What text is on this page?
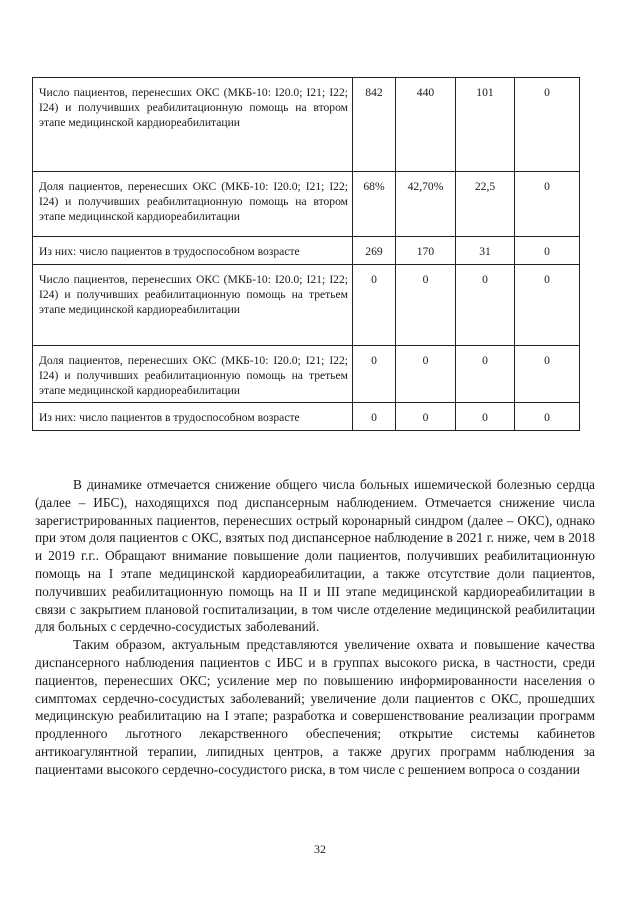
Число пациентов, перенесших ОКС (МКБ-10: I20.0; I21; I22; I24) и получивших реабилитационную помощь на втором этапе медицинской кардиореабилитации	842	440	101	0
Доля пациентов, перенесших ОКС (МКБ-10: I20.0; I21; I22; I24) и получивших реабилитационную помощь на втором этапе медицинской кардиореабилитации	68%	42,70%	22,5	0
Из них: число пациентов в трудоспособном возрасте	269	170	31	0
Число пациентов, перенесших ОКС (МКБ-10: I20.0; I21; I22; I24) и получивших реабилитационную помощь на третьем этапе медицинской кардиореабилитации	0	0	0	0
Доля пациентов, перенесших ОКС (МКБ-10: I20.0; I21; I22; I24) и получивших реабилитационную помощь на третьем этапе медицинской кардиореабилитации	0	0	0	0
Из них: число пациентов в трудоспособном возрасте	0	0	0	0

В динамике отмечается снижение общего числа больных ишемической болезнью сердца (далее – ИБС), находящихся под диспансерным наблюдением. Отмечается снижение числа зарегистрированных пациентов, перенесших острый коронарный синдром (далее – ОКС), однако при этом доля пациентов с ОКС, взятых под диспансерное наблюдение в 2021 г. ниже, чем в 2018 и 2019 г.г.. Обращают внимание повышение доли пациентов, получивших реабилитационную помощь на I этапе медицинской кардиореабилитации, а также отсутствие доли пациентов, получивших реабилитационную помощь на II и III этапе медицинской кардиореабилитации в связи с закрытием плановой госпитализации, в том числе отделение медицинской реабилитации для больных с сердечно-сосудистых заболеваний.

Таким образом, актуальным представляются увеличение охвата и повышение качества диспансерного наблюдения пациентов с ИБС и в группах высокого риска, в частности, среди пациентов, перенесших ОКС; усиление мер по повышению информированности населения о симптомах сердечно-сосудистых заболеваний; увеличение доли пациентов с ОКС, прошедших медицинскую реабилитацию на I этапе; разработка и совершенствование реализации программ продленного льготного лекарственного обеспечения; открытие системы кабинетов антикоагулянтной терапии, липидных центров, а также других программ наблюдения за пациентами высокого сердечно-сосудистого риска, в том числе с решением вопроса о создании

32
